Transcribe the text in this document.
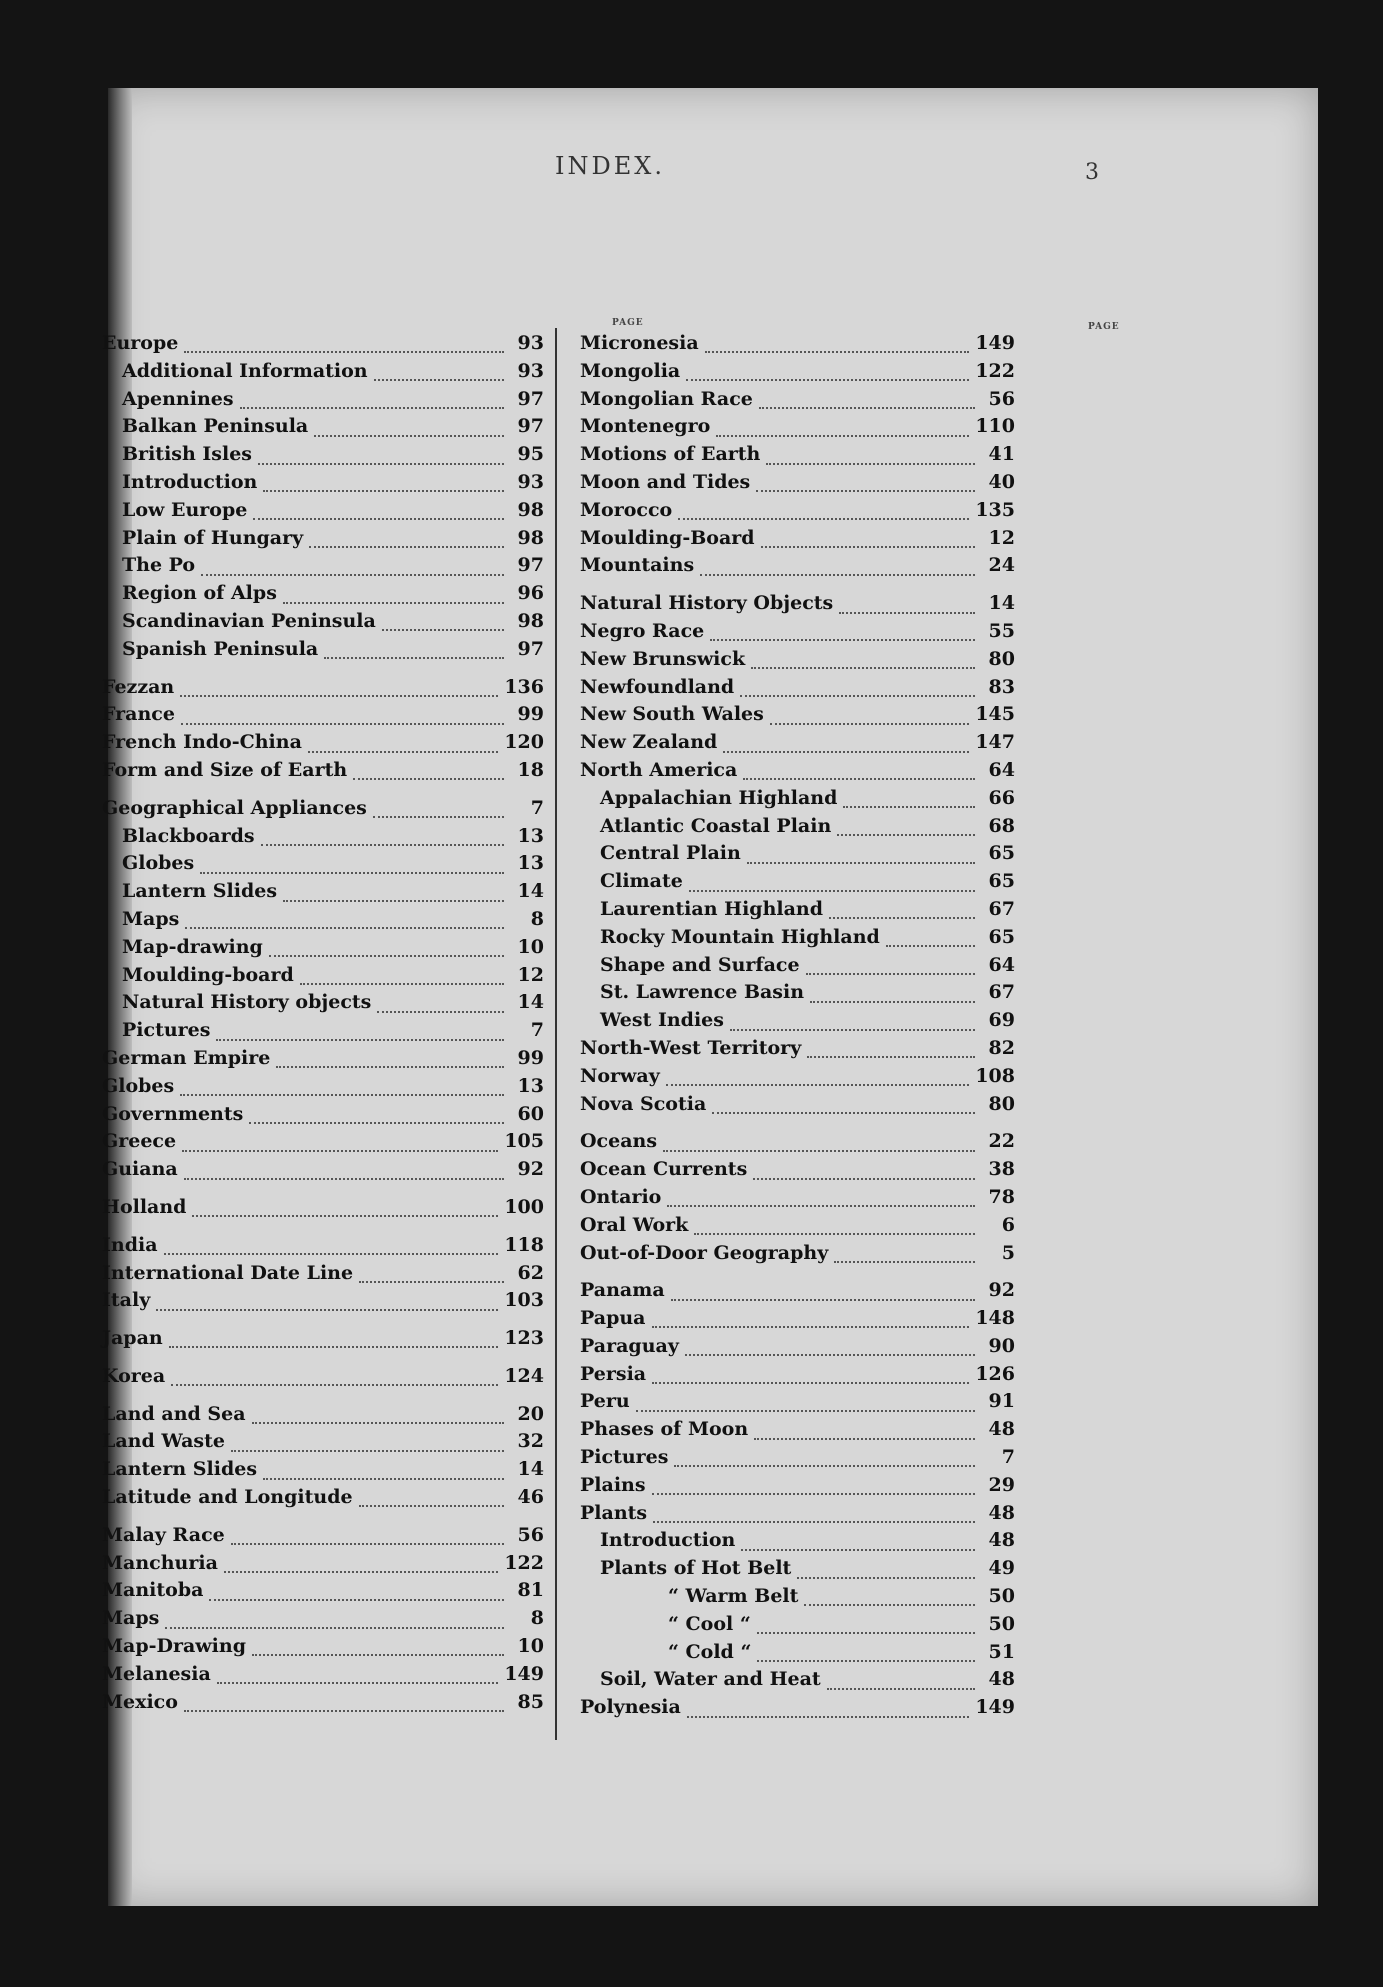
INDEX.	3
PAGE	PAGE
Europe	93
Additional Information	93
Apennines	97
Balkan Peninsula	97
British Isles	95
Introduction	93
Low Europe	98
Plain of Hungary	98
The Po	97
Region of Alps	96
Scandinavian Peninsula	98
Spanish Peninsula	97
Fezzan	136
France	99
French Indo-China	120
Form and Size of Earth	18
Geographical Appliances	7
Blackboards	13
Globes	13
Lantern Slides	14
Maps	8
Map-drawing	10
Moulding-board	12
Natural History objects	14
Pictures	7
German Empire	99
Globes	13
Governments	60
Greece	105
Guiana	92
Holland	100
India	118
International Date Line	62
Italy	103
Japan	123
Korea	124
Land and Sea	20
Land Waste	32
Lantern Slides	14
Latitude and Longitude	46
Malay Race	56
Manchuria	122
Manitoba	81
Maps	8
Map-Drawing	10
Melanesia	149
Mexico	85
Micronesia	149
Mongolia	122
Mongolian Race	56
Montenegro	110
Motions of Earth	41
Moon and Tides	40
Morocco	135
Moulding-Board	12
Mountains	24
Natural History Objects	14
Negro Race	55
New Brunswick	80
Newfoundland	83
New South Wales	145
New Zealand	147
North America	64
Appalachian Highland	66
Atlantic Coastal Plain	68
Central Plain	65
Climate	65
Laurentian Highland	67
Rocky Mountain Highland	65
Shape and Surface	64
St. Lawrence Basin	67
West Indies	69
North-West Territory	82
Norway	108
Nova Scotia	80
Oceans	22
Ocean Currents	38
Ontario	78
Oral Work	6
Out-of-Door Geography	5
Panama	92
Papua	148
Paraguay	90
Persia	126
Peru	91
Phases of Moon	48
Pictures	7
Plains	29
Plants	48
Introduction	48
Plants of Hot Belt	49
“ Warm Belt	50
“ Cool “	50
“ Cold “	51
Soil, Water and Heat	48
Polynesia	149
